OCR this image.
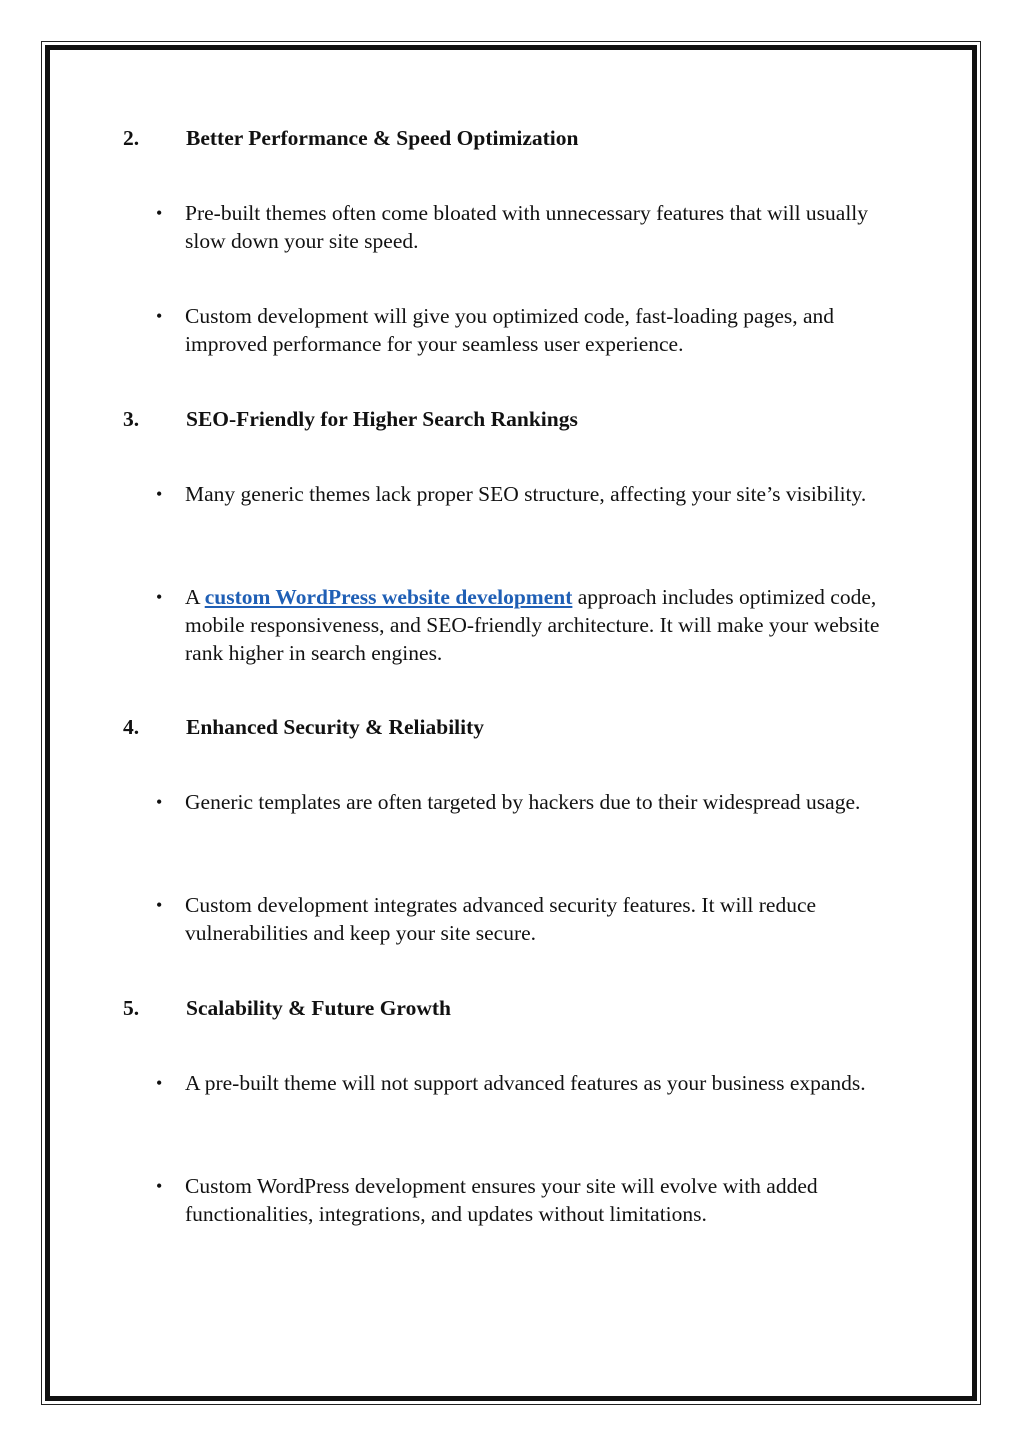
2. Better Performance & Speed Optimization
• Pre-built themes often come bloated with unnecessary features that will usually slow down your site speed.
• Custom development will give you optimized code, fast-loading pages, and improved performance for your seamless user experience.
3. SEO-Friendly for Higher Search Rankings
• Many generic themes lack proper SEO structure, affecting your site’s visibility.
• A custom WordPress website development approach includes optimized code, mobile responsiveness, and SEO-friendly architecture. It will make your website rank higher in search engines.
4. Enhanced Security & Reliability
• Generic templates are often targeted by hackers due to their widespread usage.
• Custom development integrates advanced security features. It will reduce vulnerabilities and keep your site secure.
5. Scalability & Future Growth
• A pre-built theme will not support advanced features as your business expands.
• Custom WordPress development ensures your site will evolve with added functionalities, integrations, and updates without limitations.
